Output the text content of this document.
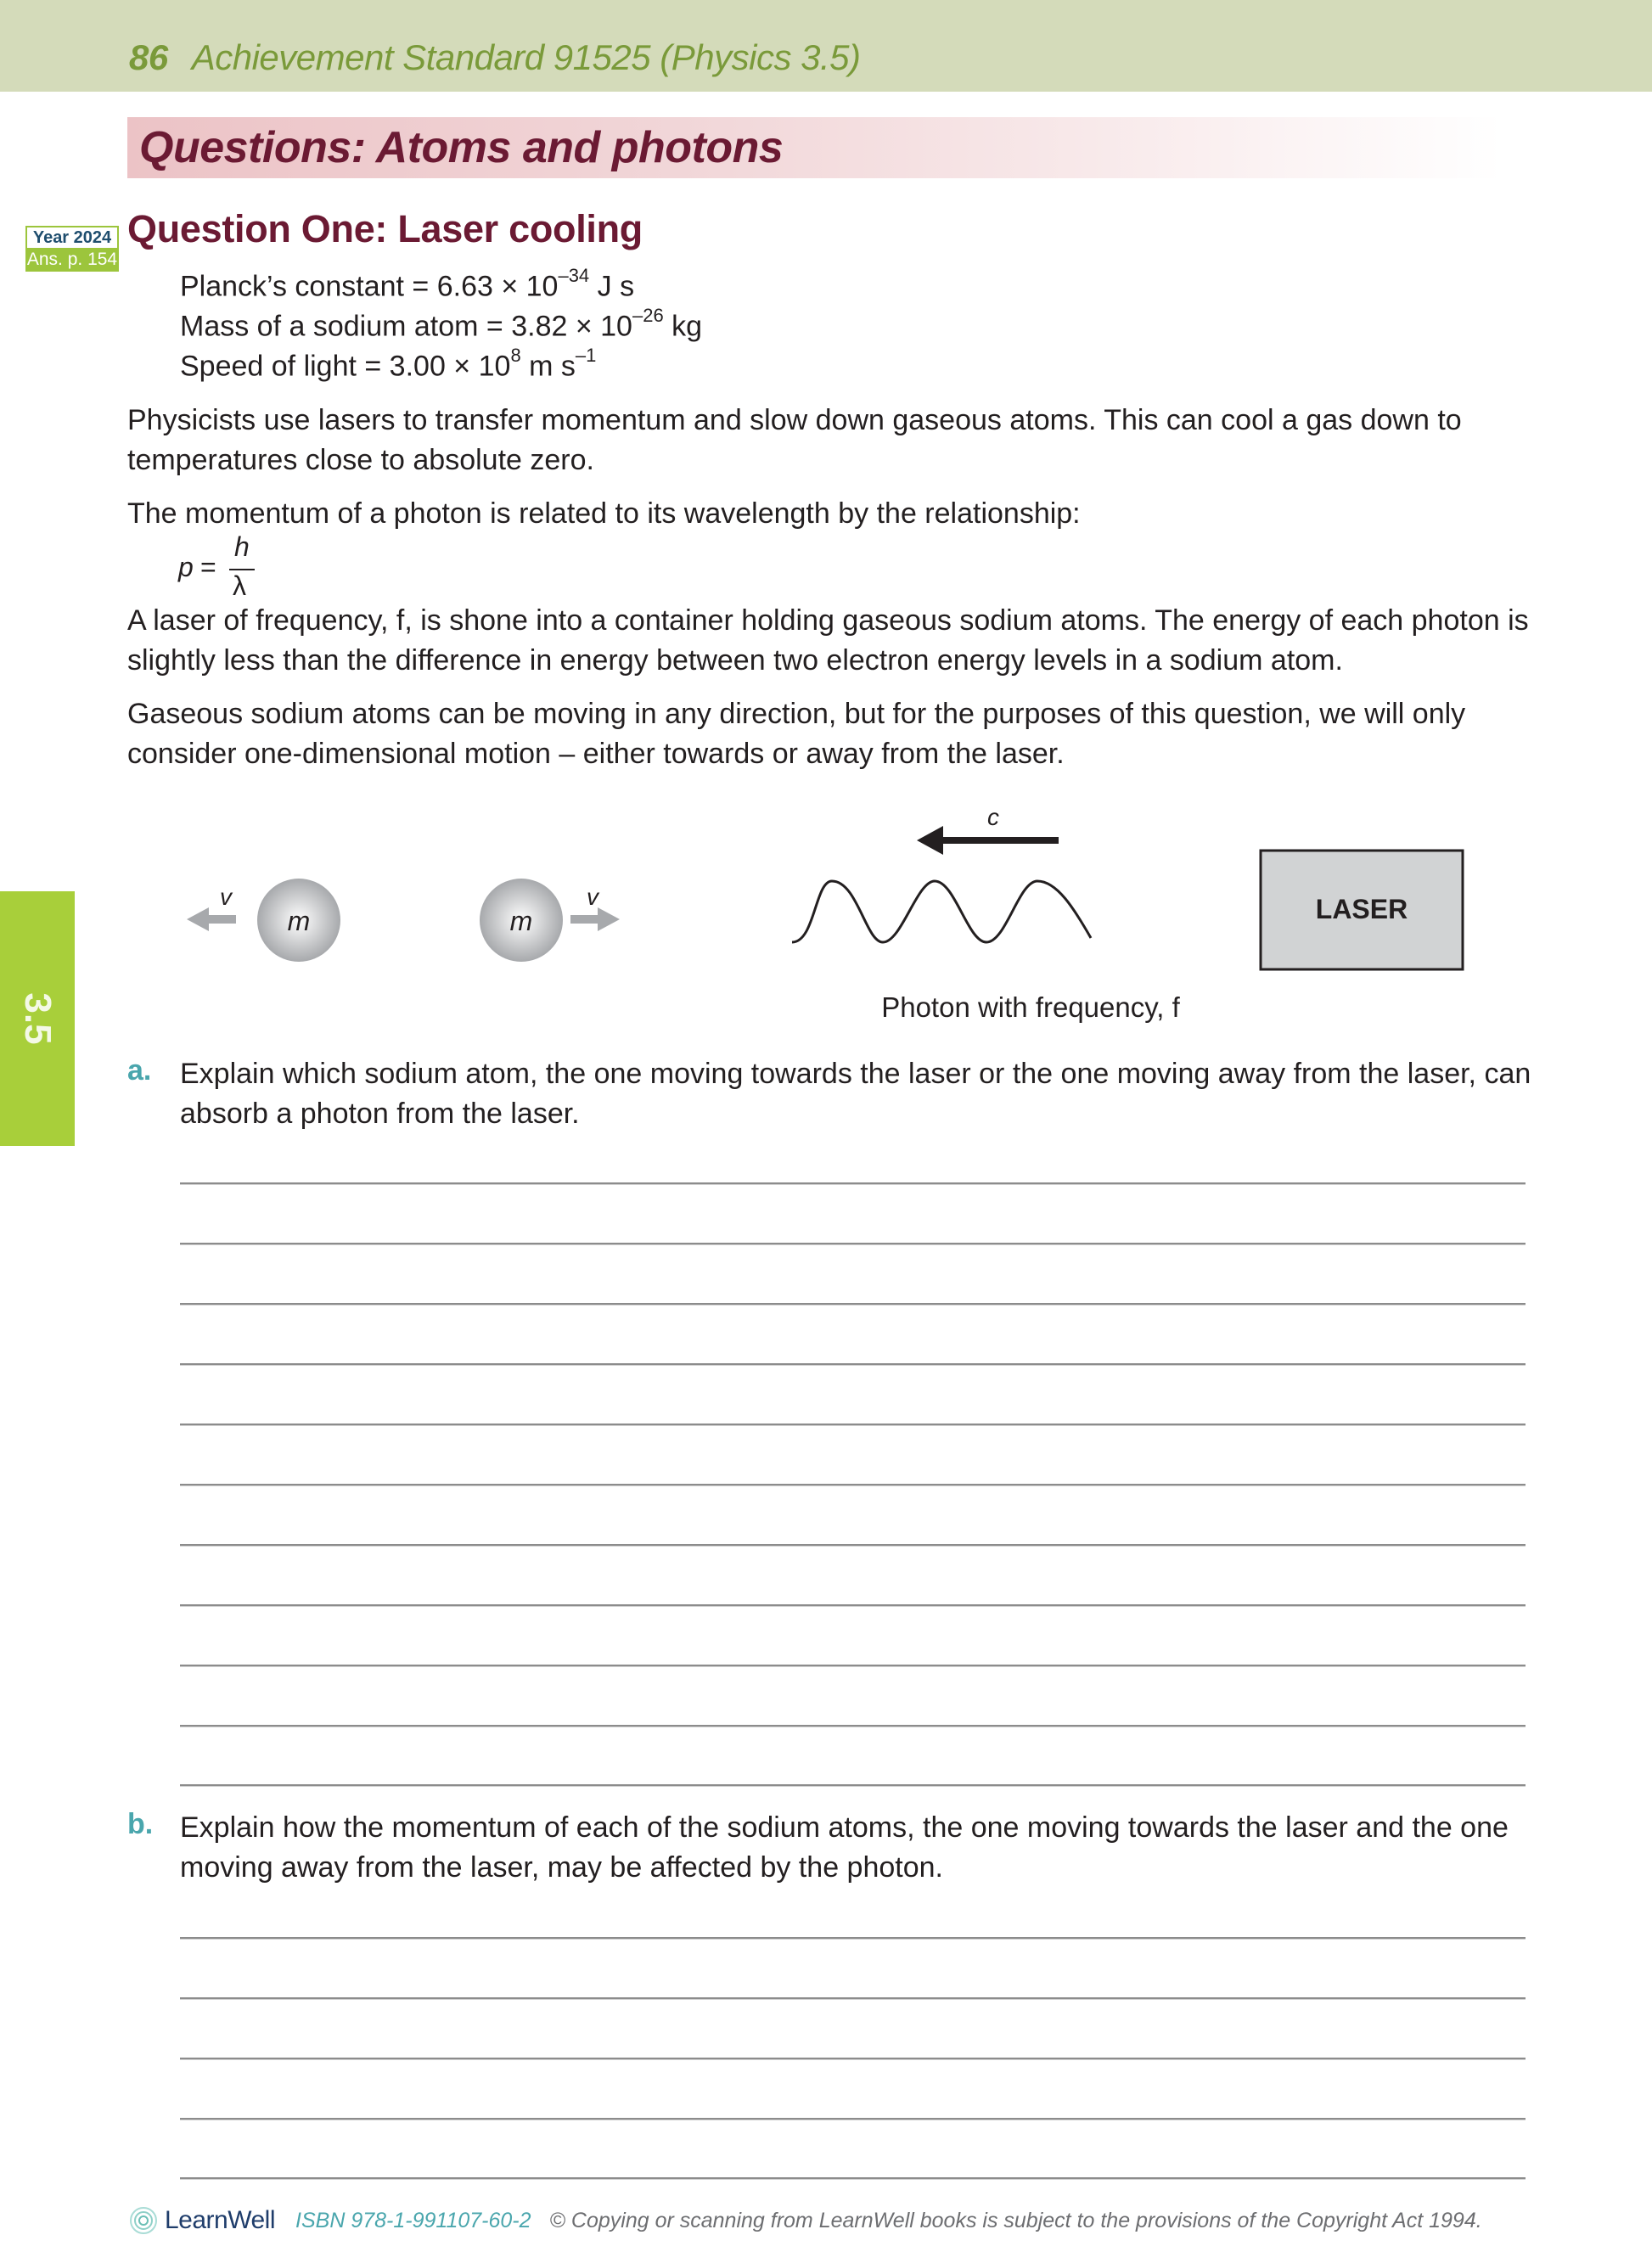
86 Achievement Standard 91525 (Physics 3.5)
Questions: Atoms and photons
Year 2024
Ans. p. 154
Question One: Laser cooling
Planck’s constant = $6.63 \times 10^{-34}$ J s
Mass of a sodium atom = $3.82 \times 10^{-26}$ kg
Speed of light = $3.00 \times 10^8$ m $s^{-1}$
Physicists use lasers to transfer momentum and slow down gaseous atoms. This can cool a gas down to temperatures close to absolute zero.
The momentum of a photon is related to its wavelength by the relationship:
p =
h
λ
A laser of frequency, f, is shone into a container holding gaseous sodium atoms. The energy of each photon is slightly less than the difference in energy between two electron energy levels in a sodium atom.
Gaseous sodium atoms can be moving in any direction, but for the purposes of this question, we will only consider one-dimensional motion – either towards or away from the laser.
3.5
m
v
m
v
c
LASER
Photon with frequency, f
a. Explain which sodium atom, the one moving towards the laser or the one moving away from the laser, can absorb a photon from the laser.
b. Explain how the momentum of each of the sodium atoms, the one moving towards the laser and the one moving away from the laser, may be affected by the photon.
LearnWell ISBN 978-1-991107-60-2 © Copying or scanning from LearnWell books is subject to the provisions of the Copyright Act 1994.
